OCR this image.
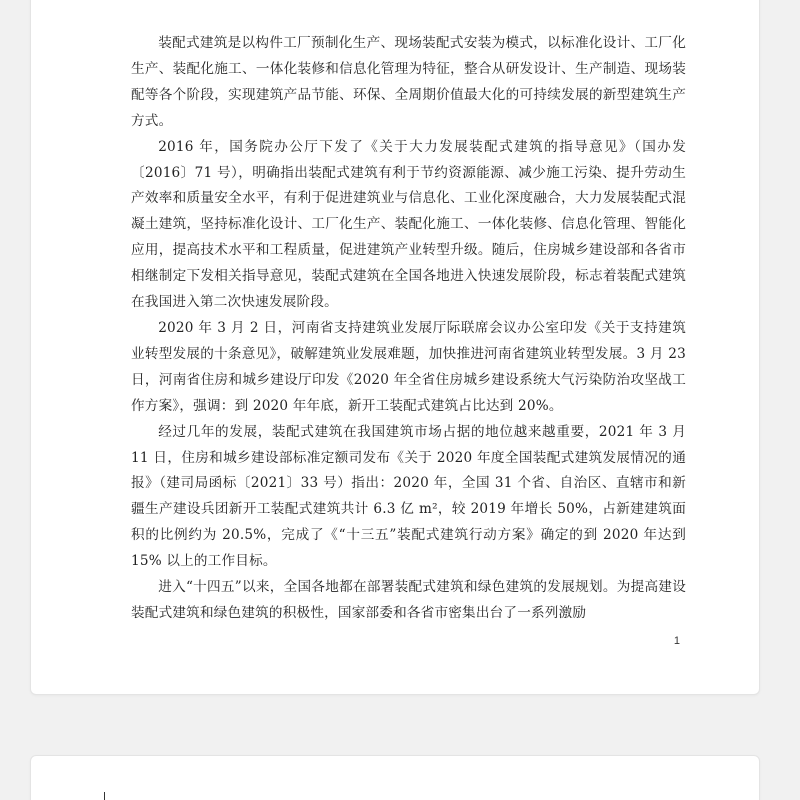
装配式建筑是以构件工厂预制化生产、现场装配式安装为模式，以标准化设计、工厂化生产、装配化施工、一体化装修和信息化管理为特征，整合从研发设计、生产制造、现场装配等各个阶段，实现建筑产品节能、环保、全周期价值最大化的可持续发展的新型建筑生产方式。

2016 年，国务院办公厅下发了《关于大力发展装配式建筑的指导意见》（国办发〔2016〕71 号），明确指出装配式建筑有利于节约资源能源、减少施工污染、提升劳动生产效率和质量安全水平，有利于促进建筑业与信息化、工业化深度融合，大力发展装配式混凝土建筑，坚持标准化设计、工厂化生产、装配化施工、一体化装修、信息化管理、智能化应用，提高技术水平和工程质量，促进建筑产业转型升级。随后，住房城乡建设部和各省市相继制定下发相关指导意见，装配式建筑在全国各地进入快速发展阶段，标志着装配式建筑在我国进入第二次快速发展阶段。

2020 年 3 月 2 日，河南省支持建筑业发展厅际联席会议办公室印发《关于支持建筑业转型发展的十条意见》，破解建筑业发展难题，加快推进河南省建筑业转型发展。3 月 23 日，河南省住房和城乡建设厅印发《2020 年全省住房城乡建设系统大气污染防治攻坚战工作方案》，强调：到 2020 年年底，新开工装配式建筑占比达到 20%。

经过几年的发展，装配式建筑在我国建筑市场占据的地位越来越重要，2021 年 3 月 11 日，住房和城乡建设部标准定额司发布《关于 2020 年度全国装配式建筑发展情况的通报》（建司局函标〔2021〕33 号）指出：2020 年，全国 31 个省、自治区、直辖市和新疆生产建设兵团新开工装配式建筑共计 6.3 亿 m²，较 2019 年增长 50%，占新建建筑面积的比例约为 20.5%，完成了《“十三五”装配式建筑行动方案》确定的到 2020 年达到 15% 以上的工作目标。

进入“十四五”以来，全国各地都在部署装配式建筑和绿色建筑的发展规划。为提高建设装配式建筑和绿色建筑的积极性，国家部委和各省市密集出台了一系列激励

1
